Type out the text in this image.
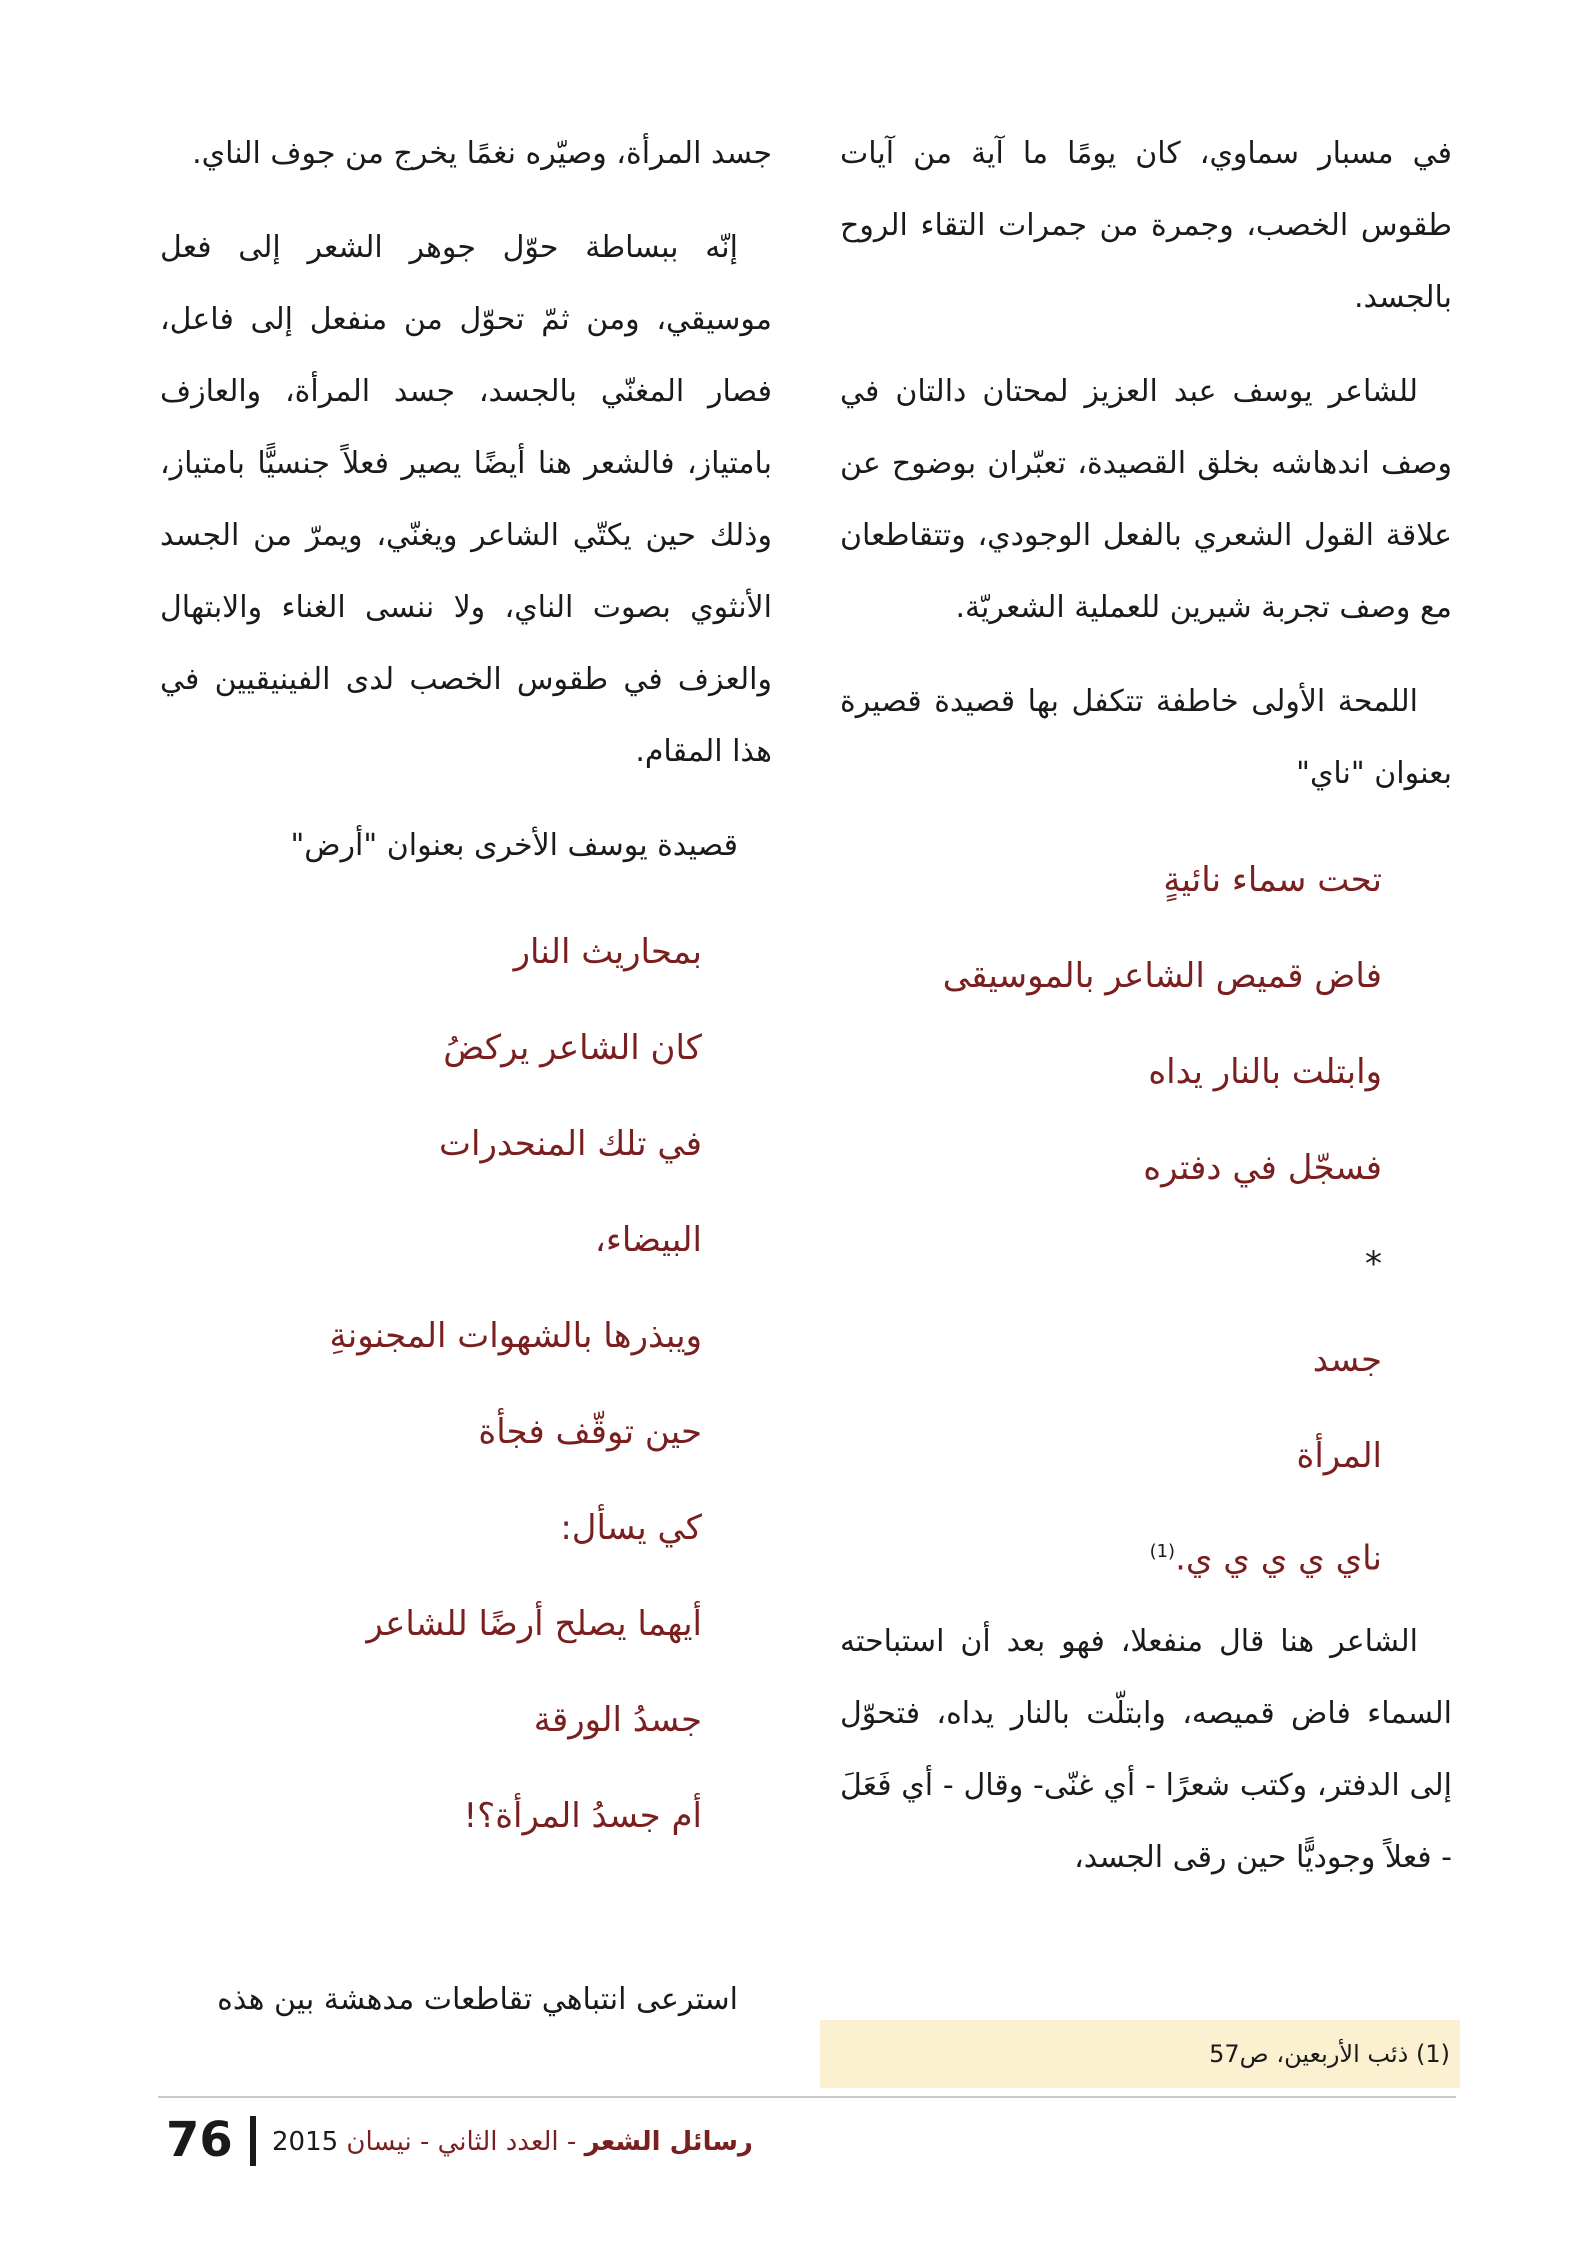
في مسبار سماوي، كان يومًا ما آية من آيات طقوس الخصب، وجمرة من جمرات التقاء الروح بالجسد.

للشاعر يوسف عبد العزيز لمحتان دالتان في وصف اندهاشه بخلق القصيدة، تعبّران بوضوح عن علاقة القول الشعري بالفعل الوجودي، وتتقاطعان مع وصف تجربة شيرين للعملية الشعريّة.

اللمحة الأولى خاطفة تتكفل بها قصيدة قصيرة بعنوان "ناي"

تحت سماء نائيةٍ

فاض قميص الشاعر بالموسيقى

وابتلت بالنار يداه

فسجّل في دفتره

*

جسد

المرأة

ناي ي ي ي ي.$^{(1)}$

الشاعر هنا قال منفعلا، فهو بعد أن استباحته السماء فاض قميصه، وابتلّت بالنار يداه، فتحوّل إلى الدفتر، وكتب شعرًا - أي غنّى- وقال - أي فَعَلَ - فعلاً وجوديًّا حين رقى الجسد،

جسد المرأة، وصيّره نغمًا يخرج من جوف الناي.

إنّه ببساطة حوّل جوهر الشعر إلى فعل موسيقي، ومن ثمّ تحوّل من منفعل إلى فاعل، فصار المغنّي بالجسد، جسد المرأة، والعازف بامتياز، فالشعر هنا أيضًا يصير فعلاً جنسيًّا بامتياز، وذلك حين يكتّي الشاعر ويغنّي، ويمرّ من الجسد الأنثوي بصوت الناي، ولا ننسى الغناء والابتهال والعزف في طقوس الخصب لدى الفينيقيين في هذا المقام.

قصيدة يوسف الأخرى بعنوان "أرض"

بمحاريث النار

كان الشاعر يركضُ

في تلك المنحدرات

البيضاء،

ويبذرها بالشهوات المجنونةِ

حين توقّف فجأة

كي يسأل:

أيهما يصلح أرضًا للشاعر

جسدُ الورقة

أم جسدُ المرأة؟!

استرعى انتباهي تقاطعات مدهشة بين هذه

(1) ذئب الأربعين، ص57
76	رسائل الشعر - العدد الثاني - نيسان 2015
